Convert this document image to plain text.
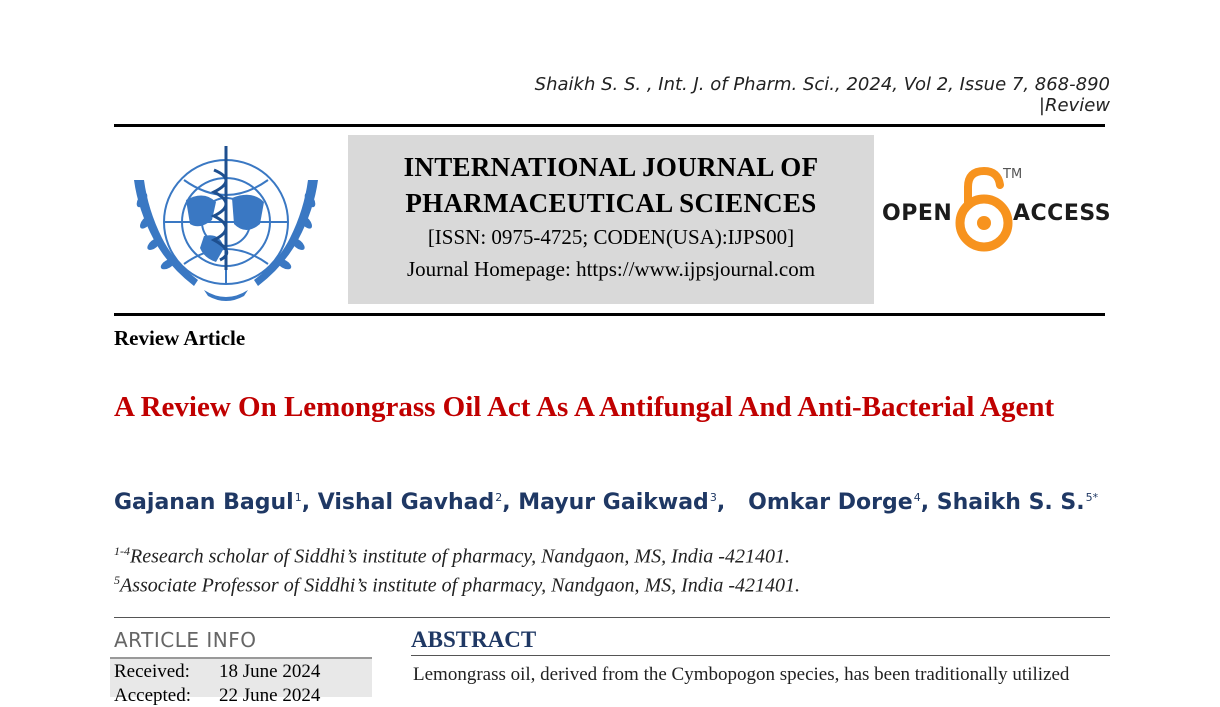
Shaikh S. S. , Int. J. of Pharm. Sci., 2024, Vol 2, Issue 7, 868-890 |Review
INTERNATIONAL JOURNAL OF
PHARMACEUTICAL SCIENCES
[ISSN: 0975-4725; CODEN(USA):IJPS00]
Journal Homepage: https://www.ijpsjournal.com
OPEN
TM
ACCESS
Review Article
A Review On Lemongrass Oil Act As A Antifungal And Anti-Bacterial Agent
Gajanan Bagul$^1$, Vishal Gavhad$^2$, Mayur Gaikwad$^3$,   Omkar Dorge$^4$, Shaikh S. S.$^{5*}$
$^{1-4}$Research scholar of Siddhi’s institute of pharmacy, Nandgaon, MS, India -421401.
$^5$Associate Professor of Siddhi’s institute of pharmacy, Nandgaon, MS, India -421401.
ARTICLE INFO
Received: 18 June 2024
Accepted: 22 June 2024
ABSTRACT
Lemongrass oil, derived from the Cymbopogon species, has been traditionally utilized
